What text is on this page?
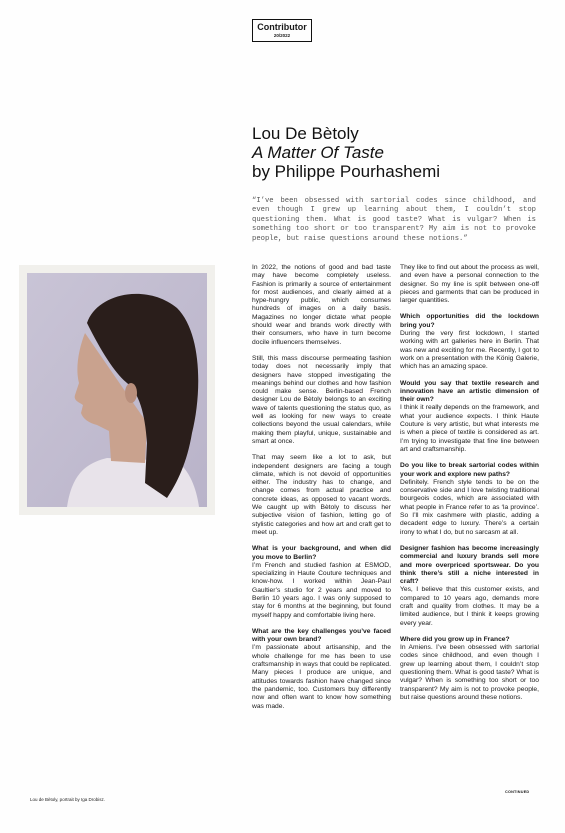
Contributor
20/2022
Lou De Bètoly
A Matter Of Taste
by Philippe Pourhashemi
“I’ve been obsessed with sartorial codes since childhood, and even though I grew up learning about them, I couldn’t stop questioning them. What is good taste? What is vulgar? When is something too short or too transparent? My aim is not to provoke people, but raise questions around these notions.”
Lou de Bètoly, portrait by Iga Drobisz.

In 2022, the notions of good and bad taste may have become completely useless. Fashion is primarily a source of entertainment for most audiences, and clearly aimed at a hype-hungry public, which consumes hundreds of images on a daily basis. Magazines no longer dictate what people should wear and brands work directly with their consumers, who have in turn become docile influencers themselves.

Still, this mass discourse permeating fashion today does not necessarily imply that designers have stopped investigating the meanings behind our clothes and how fashion could make sense. Berlin-based French designer Lou de Bètoly belongs to an exciting wave of talents questioning the status quo, as well as looking for new ways to create collections beyond the usual calendars, while making them playful, unique, sustainable and smart at once.

That may seem like a lot to ask, but independent designers are facing a tough climate, which is not devoid of opportunities either. The industry has to change, and change comes from actual practice and concrete ideas, as opposed to vacant words. We caught up with Bètoly to discuss her subjective vision of fashion, letting go of stylistic categories and how art and craft get to meet up.

What is your background, and when did you move to Berlin?

I’m French and studied fashion at ESMOD, specializing in Haute Couture techniques and know-how. I worked within Jean-Paul Gaultier’s studio for 2 years and moved to Berlin 10 years ago. I was only supposed to stay for 6 months at the beginning, but found myself happy and comfortable living here.

What are the key challenges you’ve faced with your own brand?

I’m passionate about artisanship, and the whole challenge for me has been to use craftsmanship in ways that could be replicated. Many pieces I produce are unique, and attitudes towards fashion have changed since the pandemic, too. Customers buy differently now and often want to know how something was made.

They like to find out about the process as well, and even have a personal connection to the designer. So my line is split between one-off pieces and garments that can be produced in larger quantities.

Which opportunities did the lockdown bring you?

During the very first lockdown, I started working with art galleries here in Berlin. That was new and exciting for me. Recently, I got to work on a presentation with the König Galerie, which has an amazing space.

Would you say that textile research and innovation have an artistic dimension of their own?

I think it really depends on the framework, and what your audience expects. I think Haute Couture is very artistic, but what interests me is when a piece of textile is considered as art. I’m trying to investigate that fine line between art and craftsmanship.

Do you like to break sartorial codes within your work and explore new paths?

Definitely. French style tends to be on the conservative side and I love twisting traditional bourgeois codes, which are associated with what people in France refer to as ‘la province’. So I’ll mix cashmere with plastic, adding a decadent edge to luxury. There’s a certain irony to what I do, but no sarcasm at all.

Designer fashion has become increasingly commercial and luxury brands sell more and more overpriced sportswear. Do you think there’s still a niche interested in craft?

Yes, I believe that this customer exists, and compared to 10 years ago, demands more craft and quality from clothes. It may be a limited audience, but I think it keeps growing every year.

Where did you grow up in France?

In Amiens. I’ve been obsessed with sartorial codes since childhood, and even though I grew up learning about them, I couldn’t stop questioning them. What is good taste? What is vulgar? When is something too short or too transparent? My aim is not to provoke people, but raise questions around these notions.

CONTINUED
